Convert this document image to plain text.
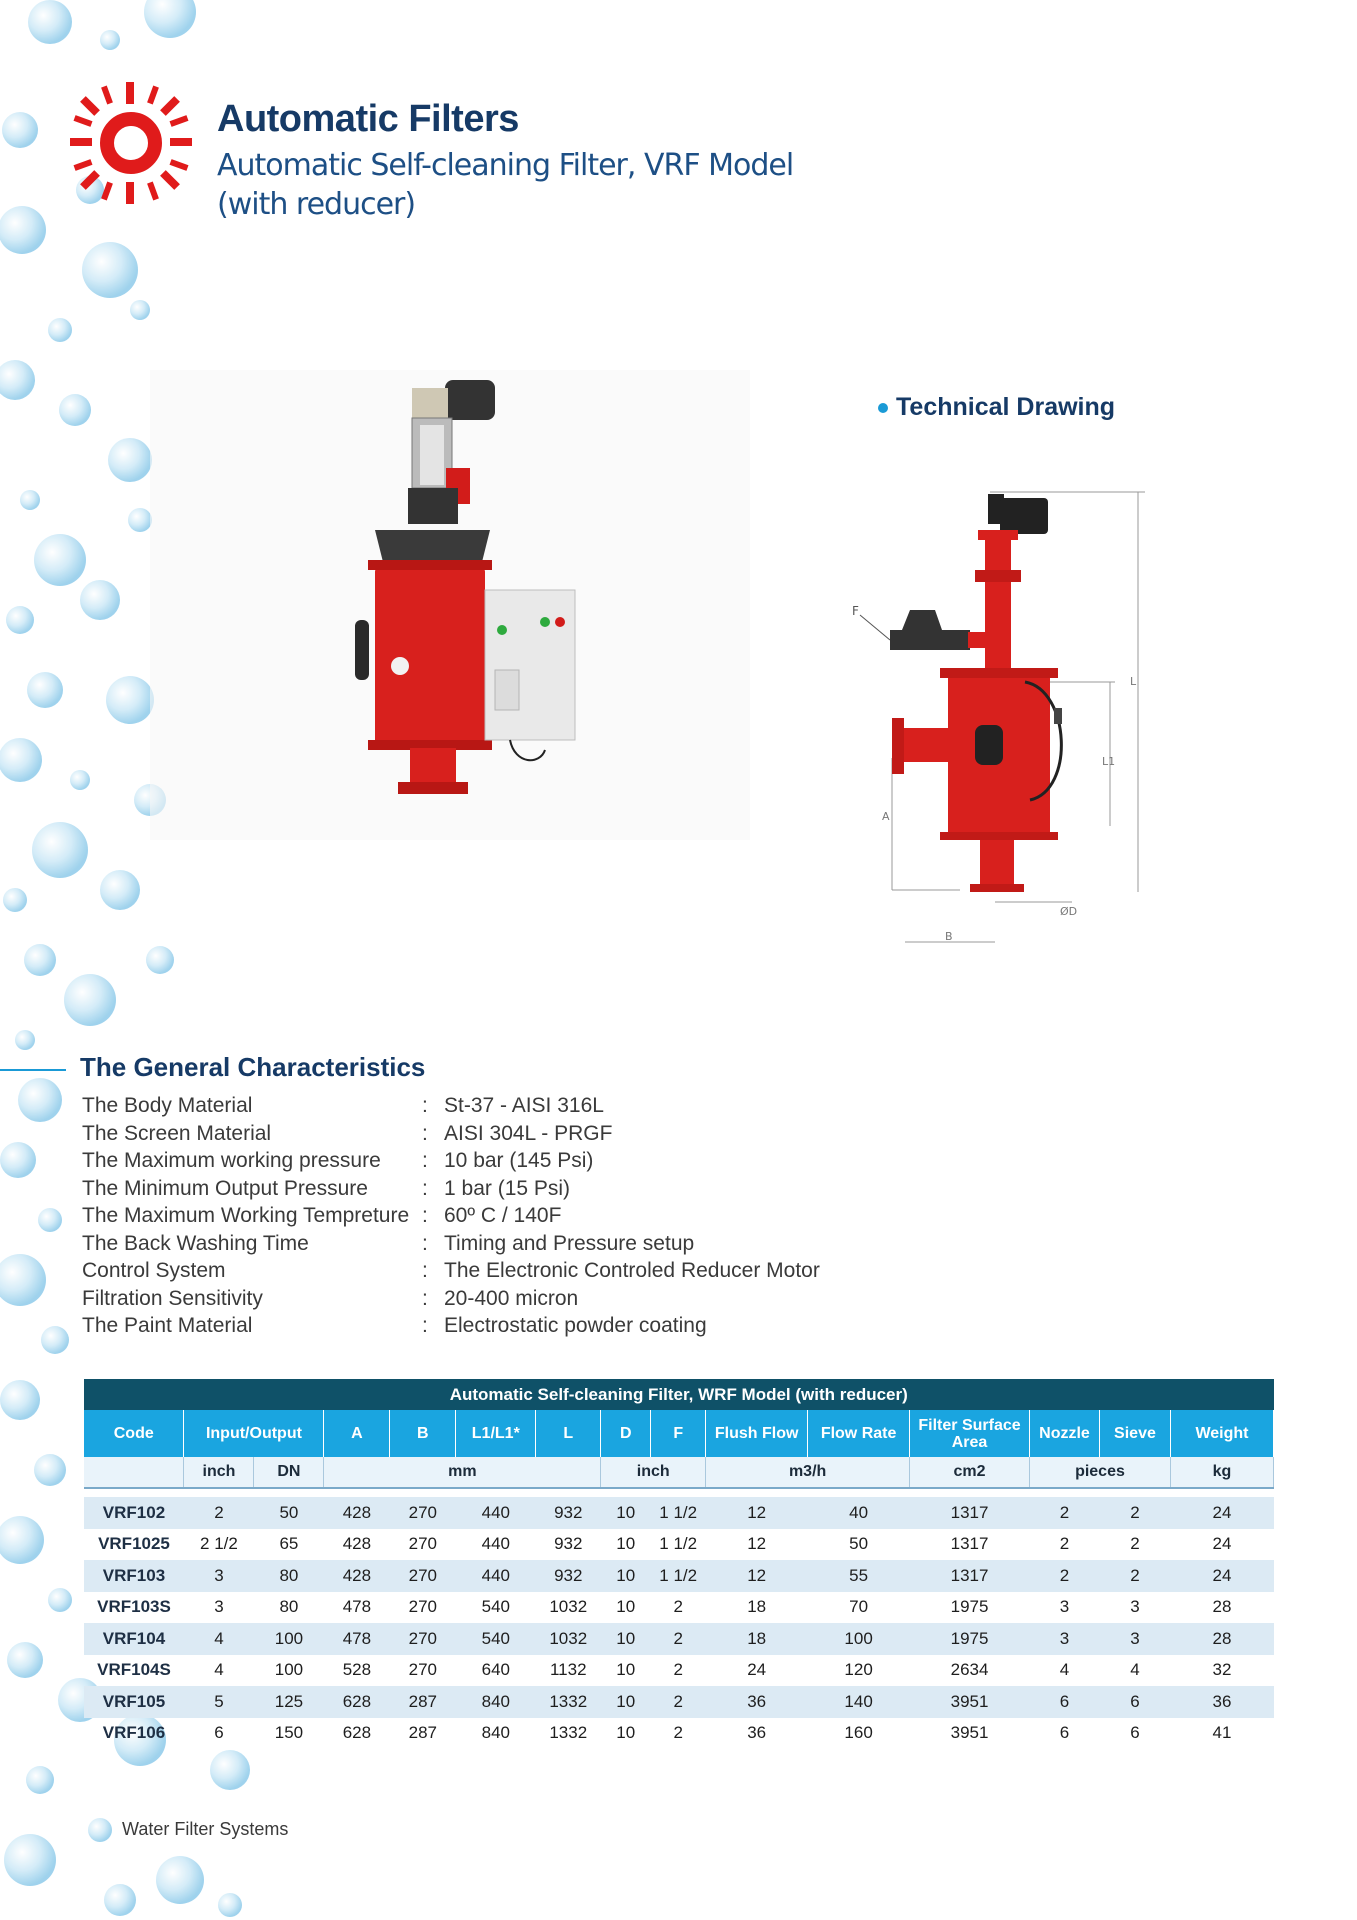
Automatic Filters
Automatic Self-cleaning Filter, VRF Model
(with reducer)
Technical Drawing
L
L1
A
ØD
B
F
The General Characteristics
The Body Material	: St-37 - AISI 316L
The Screen Material	: AISI 304L - PRGF
The Maximum working pressure : 10 bar (145 Psi)
The Minimum Output Pressure	: 1 bar (15 Psi)
The Maximum Working Tempreture : 60º C / 140F
The Back Washing Time	: Timing and Pressure setup
Control System	: The Electronic Controled Reducer Motor
Filtration Sensitivity	: 20-400 micron
The Paint Material	: Electrostatic powder coating
Automatic Self-cleaning Filter, WRF Model (with reducer)														
Code	Input/Output		A	B	L1/L1*	L	D	F	Flush Flow	Flow Rate	Filter Surface
Area	Nozzle	Sieve	Weight
	inch	DN	mm				inch		m3/h		cm2	pieces		kg

VRF102	2	50	428	270	440	932	10	1 1/2	12	40	1317	2	2	24
VRF1025	2 1/2	65	428	270	440	932	10	1 1/2	12	50	1317	2	2	24
VRF103	3	80	428	270	440	932	10	1 1/2	12	55	1317	2	2	24
VRF103S	3	80	478	270	540	1032	10	2	18	70	1975	3	3	28
VRF104	4	100	478	270	540	1032	10	2	18	100	1975	3	3	28
VRF104S	4	100	528	270	640	1132	10	2	24	120	2634	4	4	32
VRF105	5	125	628	287	840	1332	10	2	36	140	3951	6	6	36
VRF106	6	150	628	287	840	1332	10	2	36	160	3951	6	6	41
Water Filter Systems
